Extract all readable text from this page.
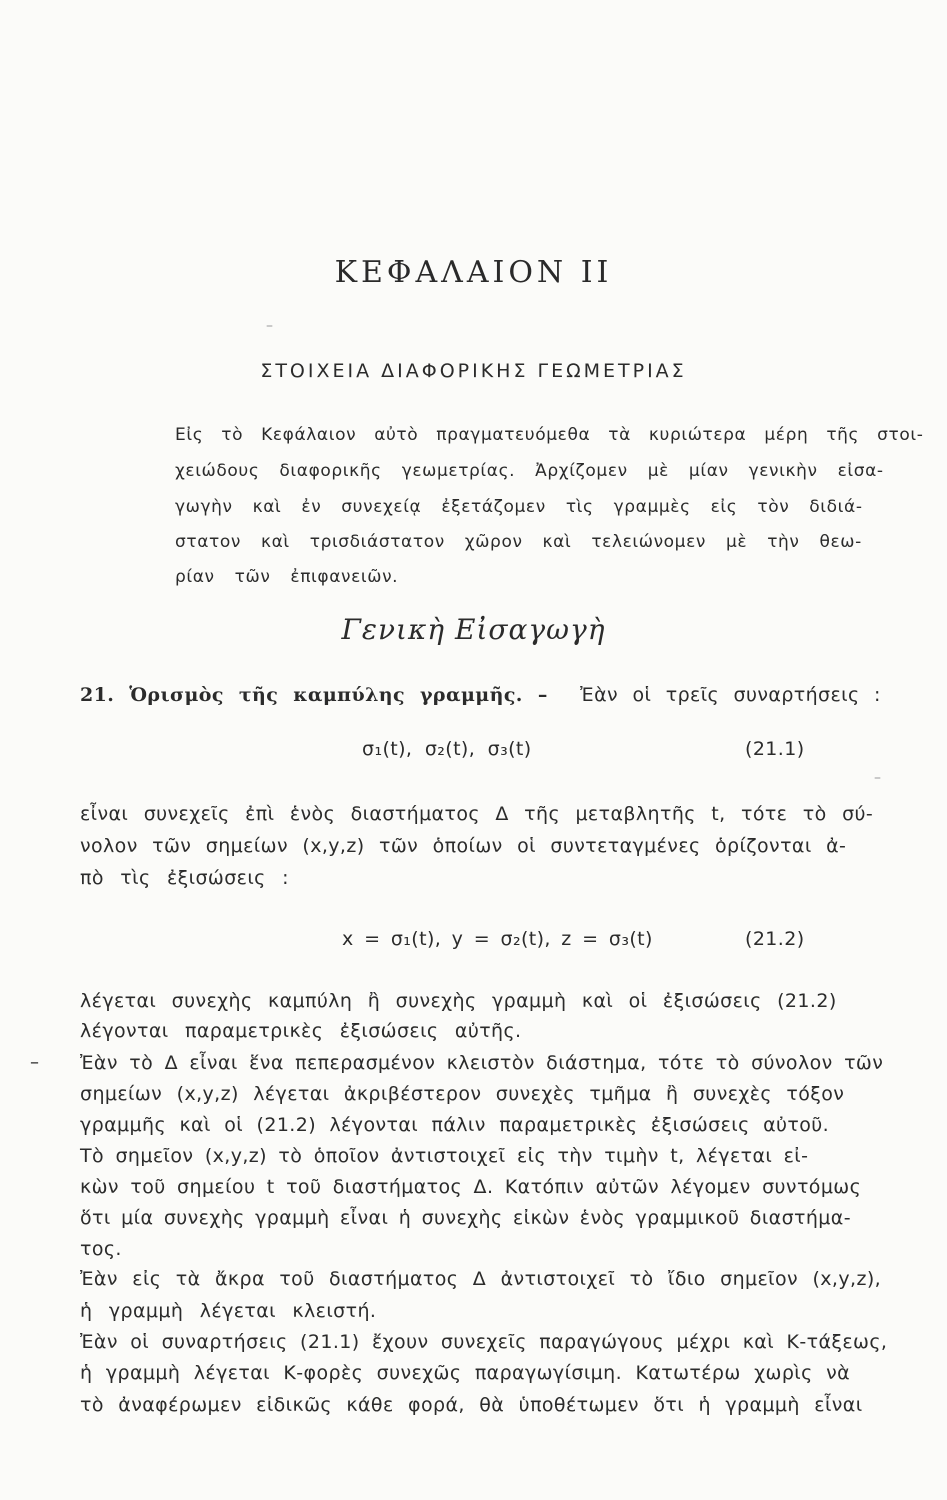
ΚΕΦΑΛΑΙΟΝ ΙΙ
–
ΣΤΟΙΧΕΙΑ ΔΙΑΦΟΡΙΚΗΣ ΓΕΩΜΕΤΡΙΑΣ
Εἰς τὸ Κεφάλαιον αὐτὸ πραγματευόμεθα τὰ κυριώτερα μέρη τῆς στοι-
χειώδους διαφορικῆς γεωμετρίας. Ἀρχίζομεν μὲ μίαν γενικὴν εἰσα-
γωγὴν καὶ ἐν συνεχείᾳ ἐξετάζομεν τὶς γραμμὲς εἰς τὸν διδιά-
στατον καὶ τρισδιάστατον χῶρον καὶ τελειώνομεν μὲ τὴν θεω-
ρίαν τῶν ἐπιφανειῶν.
Γενικὴ Εἰσαγωγὴ
21. Ὁρισμὸς τῆς καμπύλης γραμμῆς. – Ἐὰν οἱ τρεῖς συναρτήσεις :
σ₁(t), σ₂(t), σ₃(t)	(21.1)
–
εἶναι συνεχεῖς ἐπὶ ἑνὸς διαστήματος Δ τῆς μεταβλητῆς t, τότε τὸ σύ-
νολον τῶν σημείων (x,y,z) τῶν ὁποίων οἱ συντεταγμένες ὁρίζονται ἀ-
πὸ τὶς ἐξισώσεις :
x = σ₁(t), y = σ₂(t), z = σ₃(t)	(21.2)
–
λέγεται συνεχὴς καμπύλη ἢ συνεχὴς γραμμὴ καὶ οἱ ἐξισώσεις (21.2)
λέγονται παραμετρικὲς ἐξισώσεις αὐτῆς.
Ἐὰν τὸ Δ εἶναι ἕνα πεπερασμένον κλειστὸν διάστημα, τότε τὸ σύνολον τῶν
σημείων (x,y,z) λέγεται ἀκριβέστερον συνεχὲς τμῆμα ἢ συνεχὲς τόξον
γραμμῆς καὶ οἱ (21.2) λέγονται πάλιν παραμετρικὲς ἐξισώσεις αὐτοῦ.
Τὸ σημεῖον (x,y,z) τὸ ὁποῖον ἀντιστοιχεῖ εἰς τὴν τιμὴν t, λέγεται εἰ-
κὼν τοῦ σημείου t τοῦ διαστήματος Δ. Κατόπιν αὐτῶν λέγομεν συντόμως
ὅτι μία συνεχὴς γραμμὴ εἶναι ἡ συνεχὴς εἰκὼν ἑνὸς γραμμικοῦ διαστήμα-
τος.
Ἐὰν εἰς τὰ ἄκρα τοῦ διαστήματος Δ ἀντιστοιχεῖ τὸ ἴδιο σημεῖον (x,y,z),
ἡ γραμμὴ λέγεται κλειστή.
Ἐὰν οἱ συναρτήσεις (21.1) ἔχουν συνεχεῖς παραγώγους μέχρι καὶ Κ-τάξεως,
ἡ γραμμὴ λέγεται Κ-φορὲς συνεχῶς παραγωγίσιμη. Κατωτέρω χωρὶς νὰ
τὸ ἀναφέρωμεν εἰδικῶς κάθε φορά, θὰ ὑποθέτωμεν ὅτι ἡ γραμμὴ εἶναι
